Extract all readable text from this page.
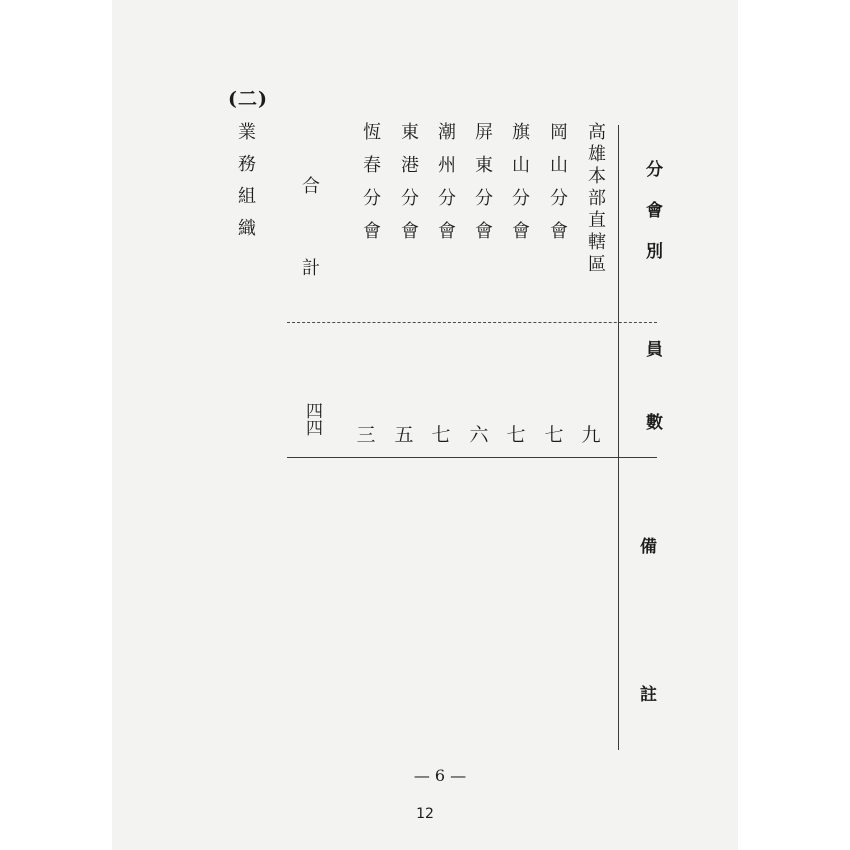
(二)
業務組織	分會別
員數
備
註
高雄本部直轄區
岡山分會
旗山分會
屏東分會
潮州分會
東港分會
恆春分會
合
計
九
七
七
六
七
五
三
四四
— 6 —
12
